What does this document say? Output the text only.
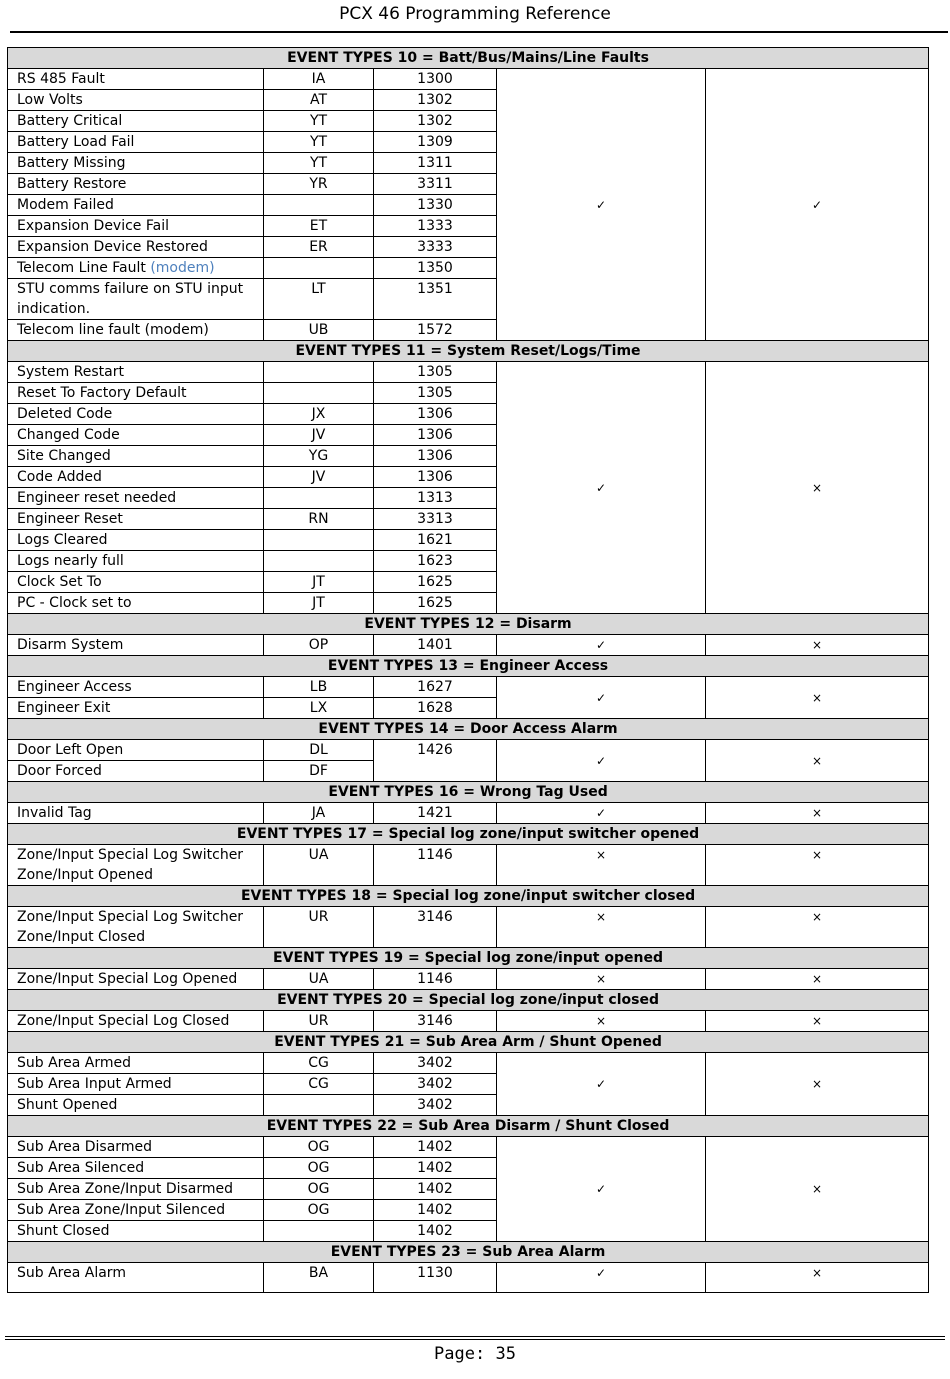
PCX 46 Programming Reference
EVENT TYPES 10 = Batt/Bus/Mains/Line Faults				
RS 485 Fault	IA	1300	✓	✓
Low Volts	AT	1302		
Battery Critical	YT	1302		
Battery Load Fail	YT	1309		
Battery Missing	YT	1311		
Battery Restore	YR	3311		
Modem Failed		1330		
Expansion Device Fail	ET	1333		
Expansion Device Restored	ER	3333		
Telecom Line Fault (modem)		1350		
STU comms failure on STU input indication.	LT	1351		
Telecom line fault (modem)	UB	1572		
EVENT TYPES 11 = System Reset/Logs/Time				
System Restart		1305	✓	×
Reset To Factory Default		1305		
Deleted Code	JX	1306		
Changed Code	JV	1306		
Site Changed	YG	1306		
Code Added	JV	1306		
Engineer reset needed		1313		
Engineer Reset	RN	3313		
Logs Cleared		1621		
Logs nearly full		1623		
Clock Set To	JT	1625		
PC - Clock set to	JT	1625		
EVENT TYPES 12 = Disarm				
Disarm System	OP	1401	✓	×
EVENT TYPES 13 = Engineer Access				
Engineer Access	LB	1627	✓	×
Engineer Exit	LX	1628		
EVENT TYPES 14 = Door Access Alarm				
Door Left Open	DL	1426	✓	×
Door Forced	DF			
EVENT TYPES 16 = Wrong Tag Used				
Invalid Tag	JA	1421	✓	×
EVENT TYPES 17 = Special log zone/input switcher opened				
Zone/Input Special Log Switcher Zone/Input Opened	UA	1146	×	×
EVENT TYPES 18 = Special log zone/input switcher closed				
Zone/Input Special Log Switcher Zone/Input Closed	UR	3146	×	×
EVENT TYPES 19 = Special log zone/input opened				
Zone/Input Special Log Opened	UA	1146	×	×
EVENT TYPES 20 = Special log zone/input closed				
Zone/Input Special Log Closed	UR	3146	×	×
EVENT TYPES 21 = Sub Area Arm / Shunt Opened				
Sub Area Armed	CG	3402	✓	×
Sub Area Input Armed	CG	3402		
Shunt Opened		3402		
EVENT TYPES 22 = Sub Area Disarm / Shunt Closed				
Sub Area Disarmed	OG	1402	✓	×
Sub Area Silenced	OG	1402		
Sub Area Zone/Input Disarmed	OG	1402		
Sub Area Zone/Input Silenced	OG	1402		
Shunt Closed		1402		
EVENT TYPES 23 = Sub Area Alarm				
Sub Area Alarm	BA	1130	✓	×
Page: 35
